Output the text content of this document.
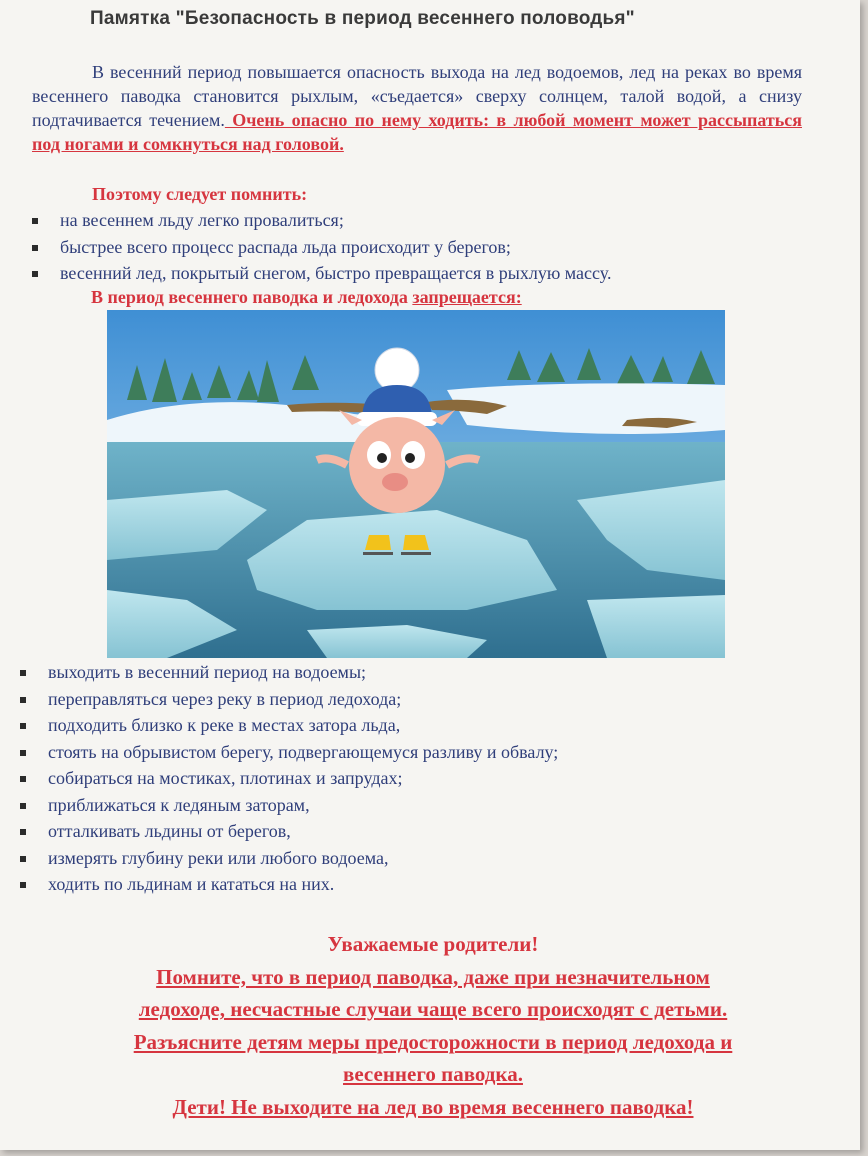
Памятка "Безопасность в период весеннего половодья"
В весенний период повышается опасность выхода на лед водоемов, лед на реках во время весеннего паводка становится рыхлым, «съедается» сверху солнцем, талой водой, а снизу подтачивается течением. Очень опасно по нему ходить: в любой момент может рассыпаться под ногами и сомкнуться над головой.
Поэтому следует помнить:
на весеннем льду легко провалиться;
быстрее всего процесс распада льда происходит у берегов;
весенний лед, покрытый снегом, быстро превращается в рыхлую массу.
В период весеннего паводка и ледохода запрещается:
выходить в весенний период на водоемы;
переправляться через реку в период ледохода;
подходить близко к реке в местах затора льда,
стоять на обрывистом берегу, подвергающемуся разливу и обвалу;
собираться на мостиках, плотинах и запрудах;
приближаться к ледяным заторам,
отталкивать льдины от берегов,
измерять глубину реки или любого водоема,
ходить по льдинам и кататься на них.
Уважаемые родители!
Помните, что в период паводка, даже при незначительном
ледоходе, несчастные случаи чаще всего происходят с детьми.
Разъясните детям меры предосторожности в период ледохода и
весеннего паводка.
Дети! Не выходите на лед во время весеннего паводка!
